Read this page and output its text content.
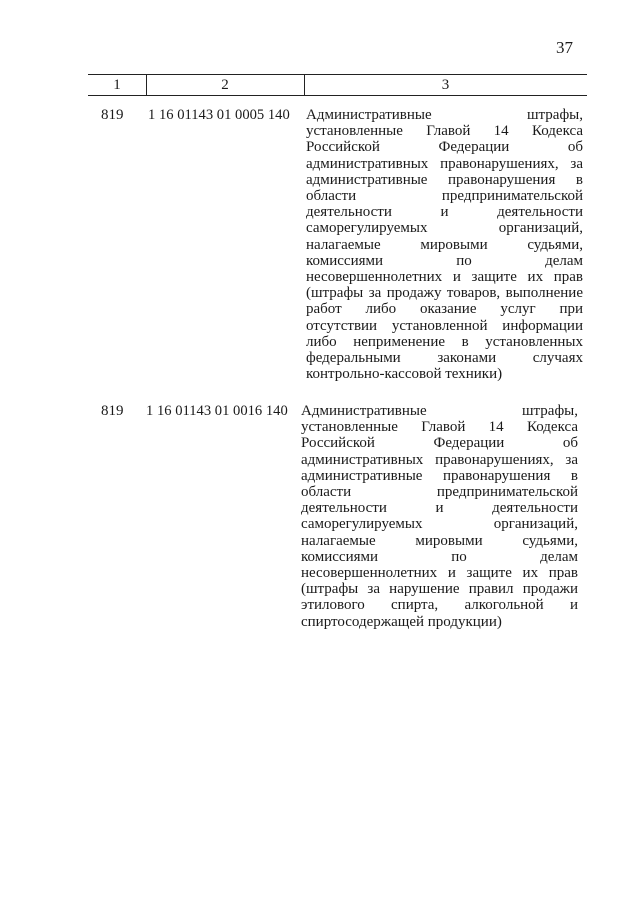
37
1	2	3
819 1 16 01143 01 0005 140 Административные штрафы,
установленные Главой 14 Кодекса
Российской Федерации об
административных правонарушениях, за
административные правонарушения в
области предпринимательской
деятельности и деятельности
саморегулируемых организаций,
налагаемые мировыми судьями,
комиссиями по делам
несовершеннолетних и защите их прав
(штрафы за продажу товаров, выполнение
работ либо оказание услуг при
отсутствии установленной информации
либо неприменение в установленных
федеральными законами случаях
контрольно-кассовой техники)
819 1 16 01143 01 0016 140 Административные штрафы,
установленные Главой 14 Кодекса
Российской Федерации об
административных правонарушениях, за
административные правонарушения в
области предпринимательской
деятельности и деятельности
саморегулируемых организаций,
налагаемые мировыми судьями,
комиссиями по делам
несовершеннолетних и защите их прав
(штрафы за нарушение правил продажи
этилового спирта, алкогольной и
спиртосодержащей продукции)
